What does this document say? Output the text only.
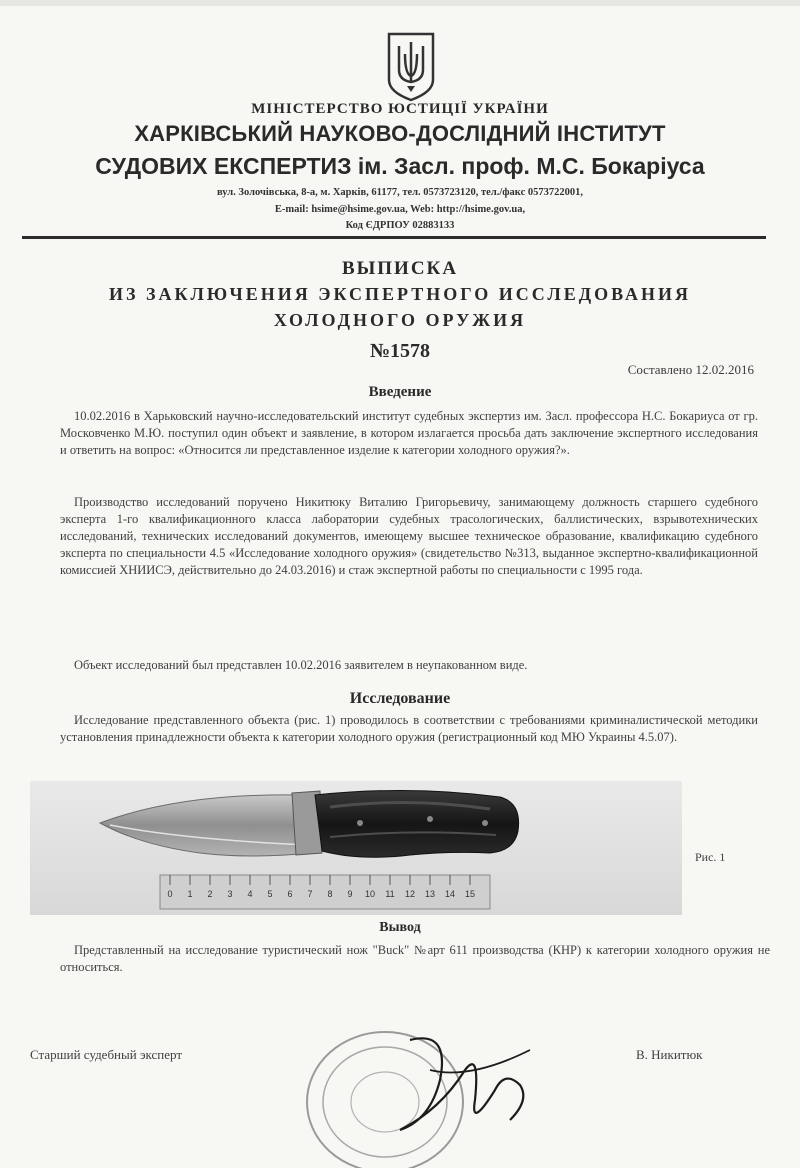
МІНІСТЕРСТВО ЮСТИЦІЇ УКРАЇНИ
ХАРКІВСЬКИЙ НАУКОВО-ДОСЛІДНИЙ ІНСТИТУТ
СУДОВИХ ЕКСПЕРТИЗ ім. Засл. проф. М.С. Бокаріуса
вул. Золочівська, 8-а, м. Харків, 61177, тел. 0573723120, тел./факс 0573722001,
E-mail: hsime@hsime.gov.ua, Web: http://hsime.gov.ua,
Код ЄДРПОУ 02883133
ВЫПИСКА
ИЗ ЗАКЛЮЧЕНИЯ ЭКСПЕРТНОГО ИССЛЕДОВАНИЯ
ХОЛОДНОГО ОРУЖИЯ
№1578
Составлено 12.02.2016
Введение

10.02.2016 в Харьковский научно-исследовательский институт судебных экспертиз им. Засл. профессора Н.С. Бокариуса от гр. Московченко М.Ю. поступил один объект и заявление, в котором излагается просьба дать заключение экспертного исследования и ответить на вопрос: «Относится ли представленное изделие к категории холодного оружия?».

Производство исследований поручено Никитюку Виталию Григорьевичу, занимающему должность старшего судебного эксперта 1-го квалификационного класса лаборатории судебных трасологических, баллистических, взрывотехнических исследований, технических исследований документов, имеющему высшее техническое образование, квалификацию судебного эксперта по специальности 4.5 «Исследование холодного оружия» (свидетельство №313, выданное экспертно-квалификационной комиссией ХНИИСЭ, действительно до 24.03.2016) и стаж экспертной работы по специальности с 1995 года.

Объект исследований был представлен 10.02.2016 заявителем в неупакованном виде.

Исследование

Исследование представленного объекта (рис. 1) проводилось в соответствии с требованиями криминалистической методики установления принадлежности объекта к категории холодного оружия (регистрационный код МЮ Украины 4.5.07).

0 1 2 3 4 5 6 7 8 9 10 11 12 13 14 15
Рис. 1
Вывод

Представленный на исследование туристический нож "Buck" №арт 611 производства (КНР) к категории холодного оружия не относиться.

Старший судебный эксперт	В. Никитюк
